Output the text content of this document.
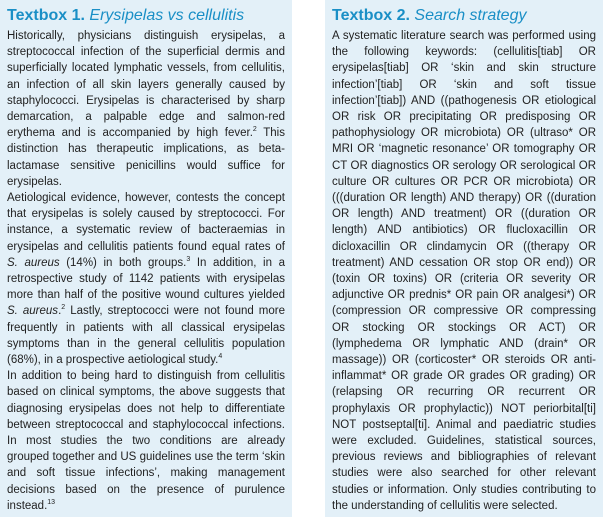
Textbox 1. Erysipelas vs cellulitis

Historically, physicians distinguish erysipelas, a streptococcal infection of the superficial dermis and superficially located lymphatic vessels, from cellulitis, an infection of all skin layers generally caused by staphylococci. Erysipelas is characterised by sharp demarcation, a palpable edge and salmon-red erythema and is accompanied by high fever.$^2$ This distinction has therapeutic implications, as beta-lactamase sensitive penicillins would suffice for erysipelas.

Aetiological evidence, however, contests the concept that erysipelas is solely caused by streptococci. For instance, a systematic review of bacteraemias in erysipelas and cellulitis patients found equal rates of S. aureus (14%) in both groups.$^3$ In addition, in a retrospective study of 1142 patients with erysipelas more than half of the positive wound cultures yielded S. aureus.$^2$ Lastly, streptococci were not found more frequently in patients with all classical erysipelas symptoms than in the general cellulitis population (68%), in a prospective aetiological study.$^4$

In addition to being hard to distinguish from cellulitis based on clinical symptoms, the above suggests that diagnosing erysipelas does not help to differentiate between streptococcal and staphylococcal infections. In most studies the two conditions are already grouped together and US guidelines use the term ‘skin and soft tissue infections’, making management decisions based on the presence of purulence instead.$^{13}$

Textbox 2. Search strategy

A systematic literature search was performed using the following keywords: (cellulitis[tiab] OR erysipelas[tiab] OR ‘skin and skin structure infection’[tiab] OR ‘skin and soft tissue infection’[tiab]) AND ((pathogenesis OR etiological OR risk OR precipitating OR predisposing OR pathophysiology OR microbiota) OR (ultraso* OR MRI OR ‘magnetic resonance’ OR tomography OR CT OR diagnostics OR serology OR serological OR culture OR cultures OR PCR OR microbiota) OR (((duration OR length) AND therapy) OR ((duration OR length) AND treatment) OR ((duration OR length) AND antibiotics) OR flucloxacillin OR dicloxacillin OR clindamycin OR ((therapy OR treatment) AND cessation OR stop OR end)) OR (toxin OR toxins) OR (criteria OR severity OR adjunctive OR prednis* OR pain OR analgesi*) OR (compression OR compressive OR compressing OR stocking OR stockings OR ACT) OR (lymphedema OR lymphatic AND (drain* OR massage)) OR (corticoster* OR steroids OR anti-inflammat* OR grade OR grades OR grading) OR (relapsing OR recurring OR recurrent OR prophylaxis OR prophylactic)) NOT periorbital[ti] NOT postseptal[ti]. Animal and paediatric studies were excluded. Guidelines, statistical sources, previous reviews and bibliographies of relevant studies were also searched for other relevant studies or information. Only studies contributing to the understanding of cellulitis were selected.
